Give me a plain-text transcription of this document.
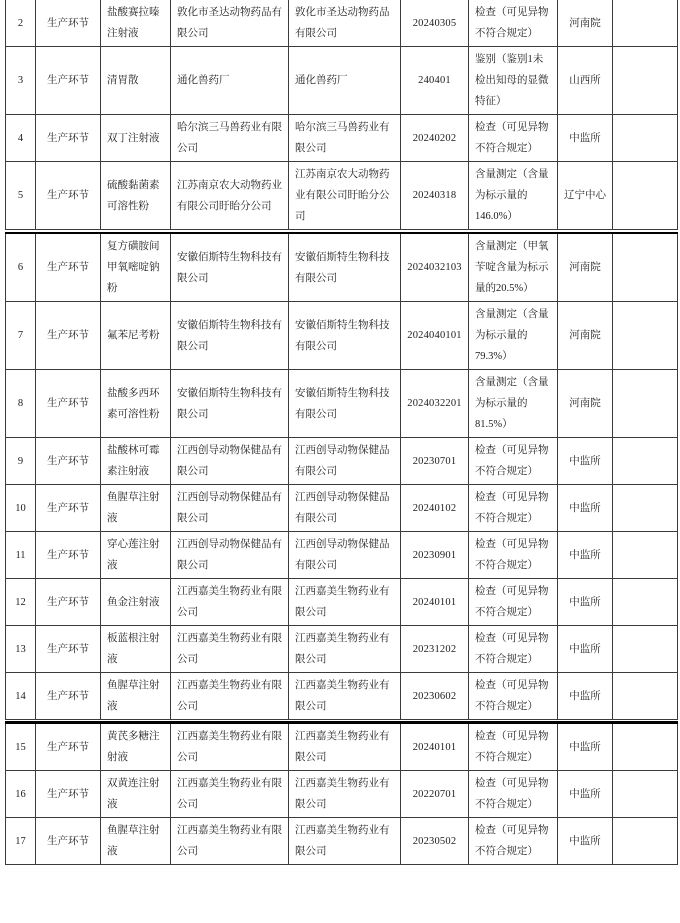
2	生产环节	盐酸赛拉嗪注射液	敦化市圣达动物药品有限公司	敦化市圣达动物药品有限公司	20240305	检查（可见异物不符合规定）	河南院	
3	生产环节	清胃散	通化兽药厂	通化兽药厂	240401	鉴别（鉴别1未检出知母的显微特征）	山西所	
4	生产环节	双丁注射液	哈尔滨三马兽药业有限公司	哈尔滨三马兽药业有限公司	20240202	检查（可见异物不符合规定）	中监所	
5	生产环节	硫酸黏菌素可溶性粉	江苏南京农大动物药业有限公司盱眙分公司	江苏南京农大动物药业有限公司盱眙分公司	20240318	含量测定（含量为标示量的146.0%）	辽宁中心	
6	生产环节	复方磺胺间甲氧嘧啶钠粉	安徽佰斯特生物科技有限公司	安徽佰斯特生物科技有限公司	2024032103	含量测定（甲氧苄啶含量为标示量的20.5%）	河南院	
7	生产环节	氟苯尼考粉	安徽佰斯特生物科技有限公司	安徽佰斯特生物科技有限公司	2024040101	含量测定（含量为标示量的79.3%）	河南院	
8	生产环节	盐酸多西环素可溶性粉	安徽佰斯特生物科技有限公司	安徽佰斯特生物科技有限公司	2024032201	含量测定（含量为标示量的81.5%）	河南院	
9	生产环节	盐酸林可霉素注射液	江西创导动物保健品有限公司	江西创导动物保健品有限公司	20230701	检查（可见异物不符合规定）	中监所	
10	生产环节	鱼腥草注射液	江西创导动物保健品有限公司	江西创导动物保健品有限公司	20240102	检查（可见异物不符合规定）	中监所	
11	生产环节	穿心莲注射液	江西创导动物保健品有限公司	江西创导动物保健品有限公司	20230901	检查（可见异物不符合规定）	中监所	
12	生产环节	鱼金注射液	江西嘉美生物药业有限公司	江西嘉美生物药业有限公司	20240101	检查（可见异物不符合规定）	中监所	
13	生产环节	板蓝根注射液	江西嘉美生物药业有限公司	江西嘉美生物药业有限公司	20231202	检查（可见异物不符合规定）	中监所	
14	生产环节	鱼腥草注射液	江西嘉美生物药业有限公司	江西嘉美生物药业有限公司	20230602	检查（可见异物不符合规定）	中监所	
15	生产环节	黄芪多糖注射液	江西嘉美生物药业有限公司	江西嘉美生物药业有限公司	20240101	检查（可见异物不符合规定）	中监所	
16	生产环节	双黄连注射液	江西嘉美生物药业有限公司	江西嘉美生物药业有限公司	20220701	检查（可见异物不符合规定）	中监所	
17	生产环节	鱼腥草注射液	江西嘉美生物药业有限公司	江西嘉美生物药业有限公司	20230502	检查（可见异物不符合规定）	中监所	
